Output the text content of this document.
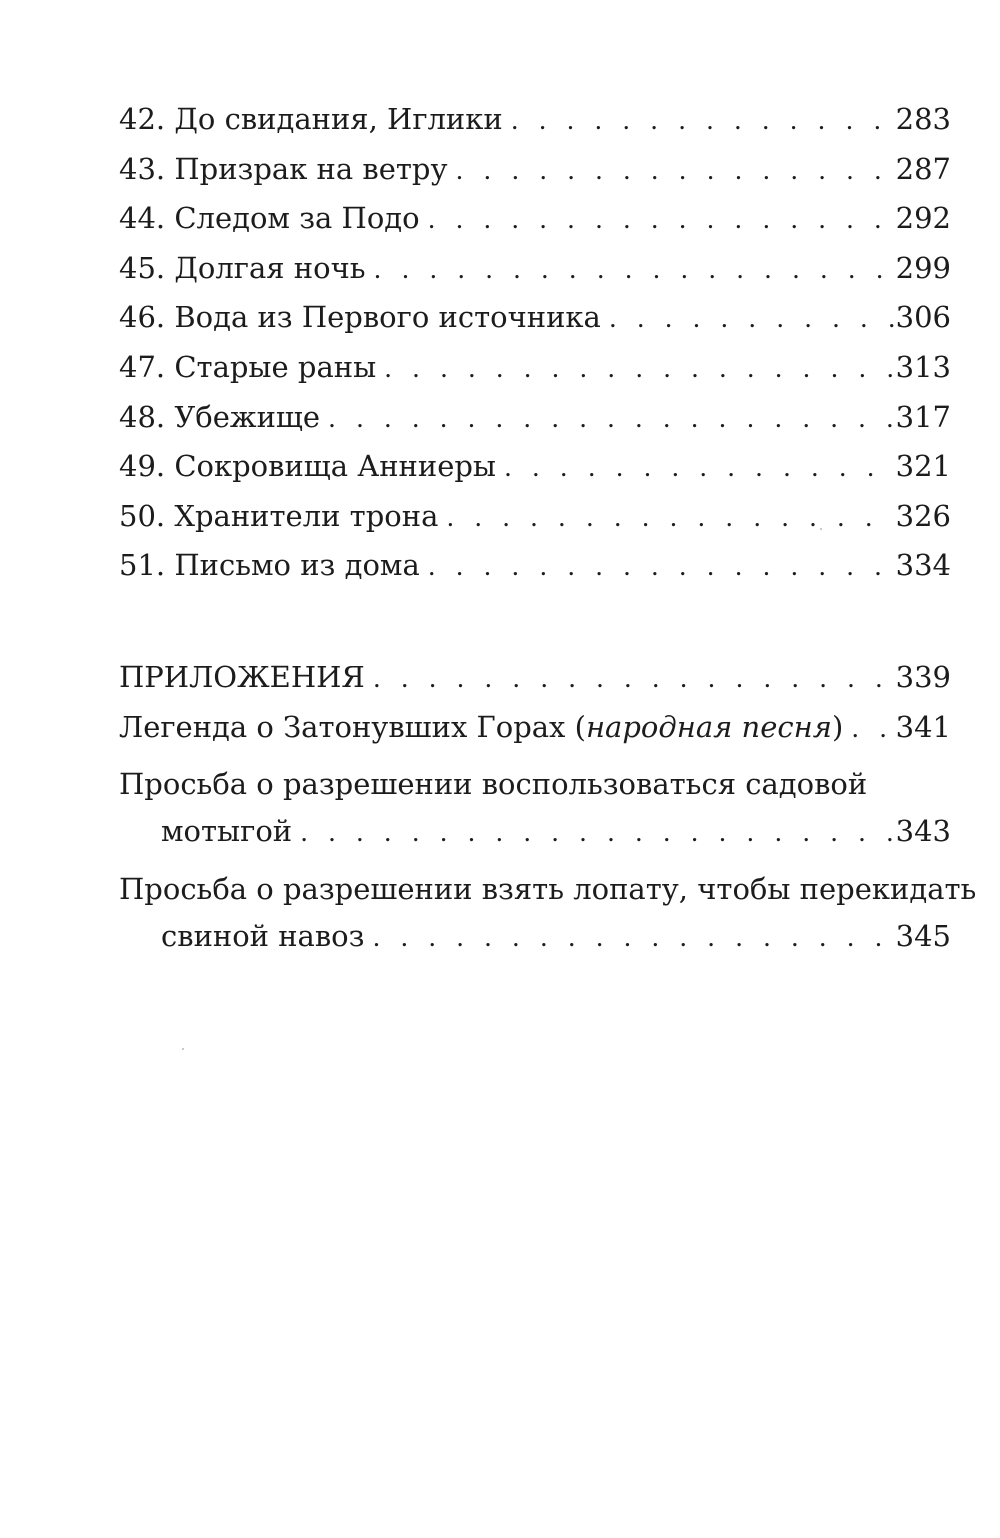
42. До свидания, Иглики . . .	283
43. Призрак на ветру . . .	287
44. Следом за Подо . . .	292
45. Долгая ночь . . .	299
46. Вода из Первого источника . . .	306
47. Старые раны . . .	313
48. Убежище . . .	317
49. Сокровища Анниеры . . .	321
50. Хранители трона . . .	326
51. Письмо из дома . . .	334
ПРИЛОЖЕНИЯ . . .	339
Легенда о Затонувших Горах (народная песня) . . . 341
Просьба о разрешении воспользоваться садовой
мотыгой . . .	343
Просьба о разрешении взять лопату, чтобы перекидать
свиной навоз . . .	345
